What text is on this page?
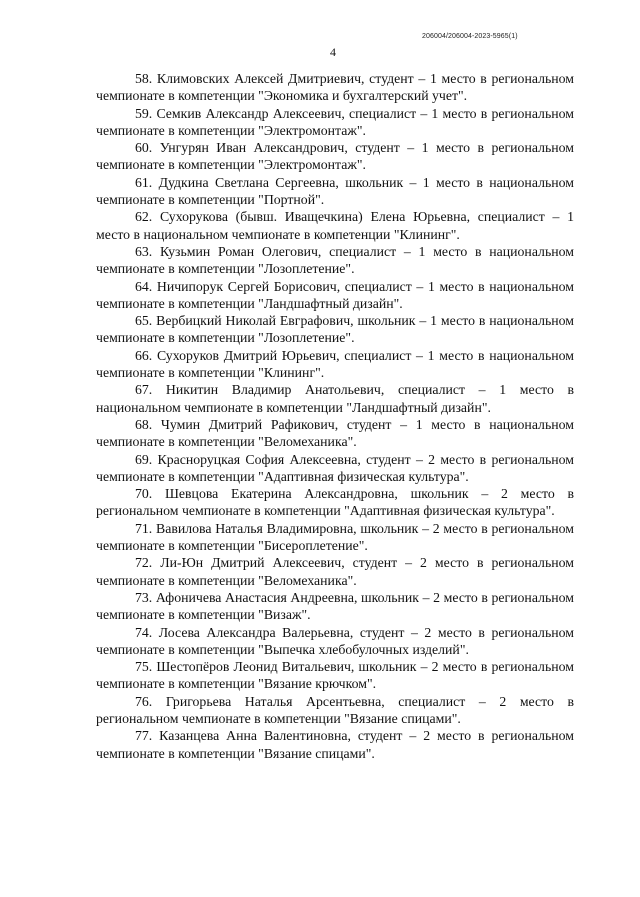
206004/206004-2023-5965(1)
4

58. Климовских Алексей Дмитриевич, студент – 1 место в региональном чемпионате в компетенции "Экономика и бухгалтерский учет".

59. Семкив Александр Алексеевич, специалист – 1 место в региональном чемпионате в компетенции "Электромонтаж".

60. Унгурян Иван Александрович, студент – 1 место в региональном чемпионате в компетенции "Электромонтаж".

61. Дудкина Светлана Сергеевна, школьник – 1 место в национальном чемпионате в компетенции "Портной".

62. Сухорукова (бывш. Иващечкина) Елена Юрьевна, специалист – 1 место в национальном чемпионате в компетенции "Клининг".

63. Кузьмин Роман Олегович, специалист – 1 место в национальном чемпионате в компетенции "Лозоплетение".

64. Ничипорук Сергей Борисович, специалист – 1 место в национальном чемпионате в компетенции "Ландшафтный дизайн".

65. Вербицкий Николай Евграфович, школьник – 1 место в национальном чемпионате в компетенции "Лозоплетение".

66. Сухоруков Дмитрий Юрьевич, специалист – 1 место в национальном чемпионате в компетенции "Клининг".

67. Никитин Владимир Анатольевич, специалист – 1 место в национальном чемпионате в компетенции "Ландшафтный дизайн".

68. Чумин Дмитрий Рафикович, студент – 1 место в национальном чемпионате в компетенции "Веломеханика".

69. Красноруцкая София Алексеевна, студент – 2 место в региональном чемпионате в компетенции "Адаптивная физическая культура".

70. Шевцова Екатерина Александровна, школьник – 2 место в региональном чемпионате в компетенции "Адаптивная физическая культура".

71. Вавилова Наталья Владимировна, школьник – 2 место в региональном чемпионате в компетенции "Бисероплетение".

72. Ли-Юн Дмитрий Алексеевич, студент – 2 место в региональном чемпионате в компетенции "Веломеханика".

73. Афоничева Анастасия Андреевна, школьник – 2 место в региональном чемпионате в компетенции "Визаж".

74. Лосева Александра Валерьевна, студент – 2 место в региональном чемпионате в компетенции "Выпечка хлебобулочных изделий".

75. Шестопёров Леонид Витальевич, школьник – 2 место в региональном чемпионате в компетенции "Вязание крючком".

76. Григорьева Наталья Арсентьевна, специалист – 2 место в региональном чемпионате в компетенции "Вязание спицами".

77. Казанцева Анна Валентиновна, студент – 2 место в региональном чемпионате в компетенции "Вязание спицами".
